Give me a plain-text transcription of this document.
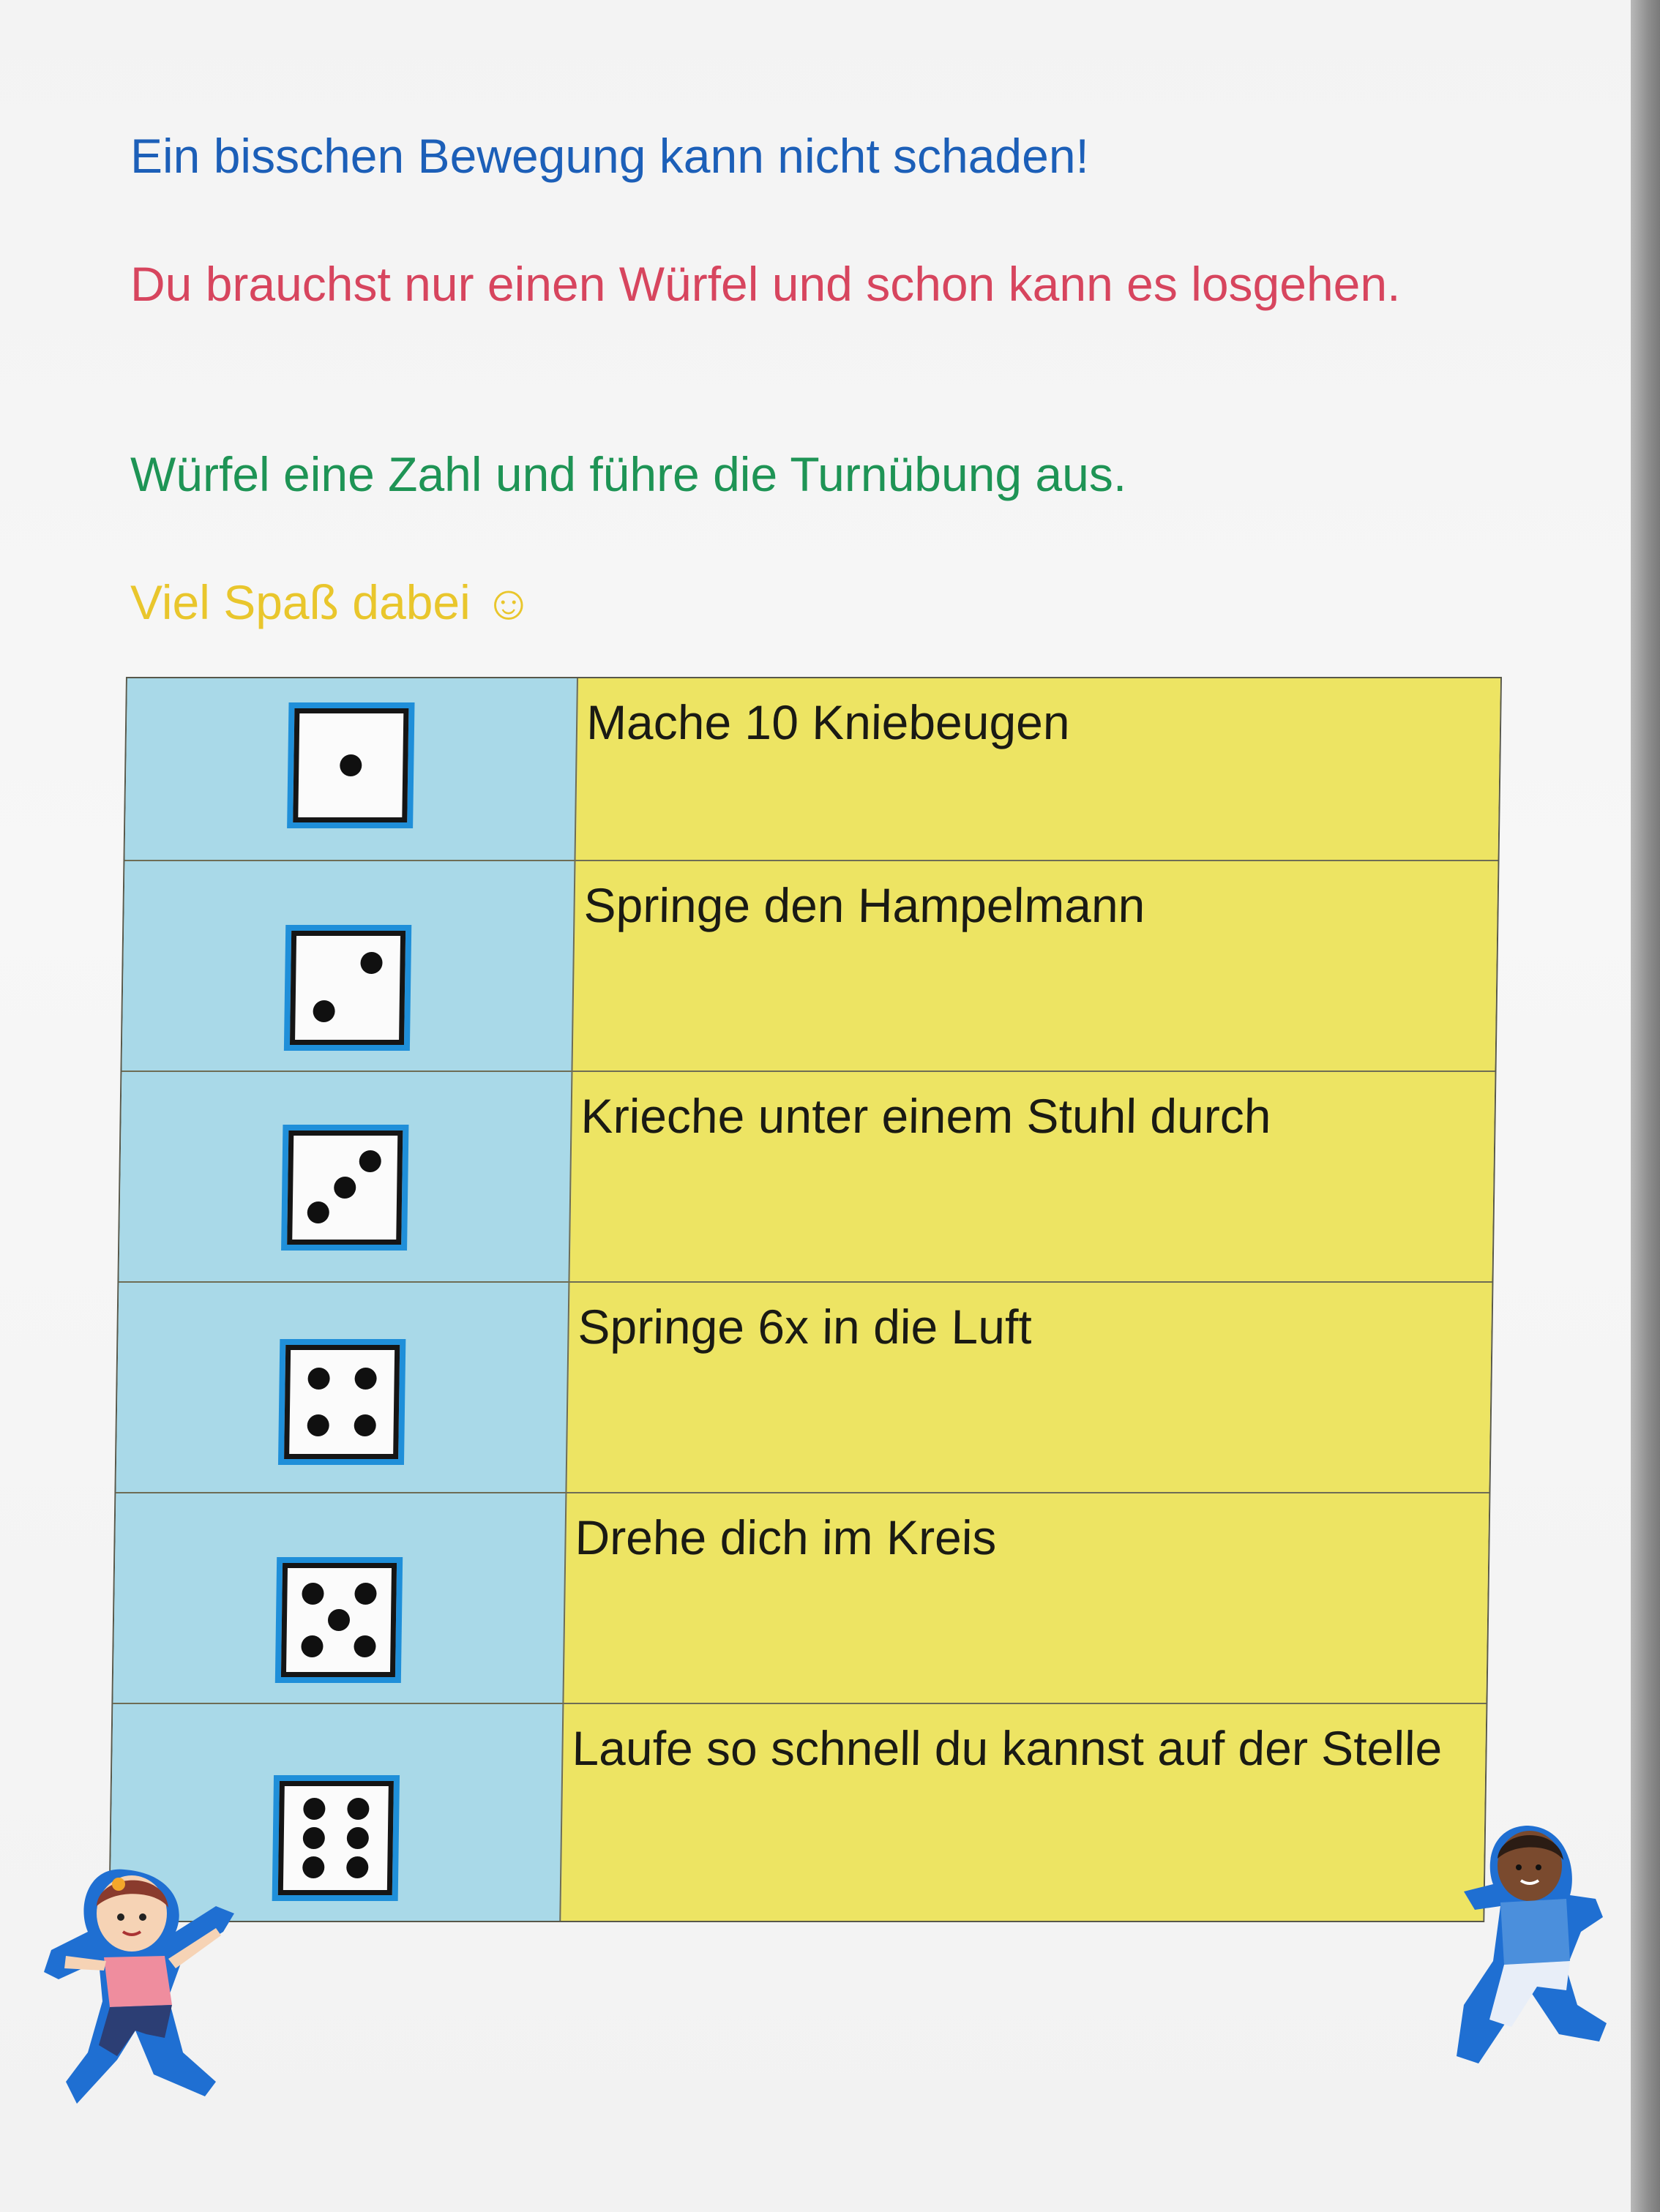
Ein bisschen Bewegung kann nicht schaden!

Du brauchst nur einen Würfel und schon kann es losgehen.

Würfel eine Zahl und führe die Turnübung aus.

Viel Spaß dabei ☺

Mache 10 Kniebeugen
Springe den Hampelmann
Krieche unter einem Stuhl durch
Springe 6x in die Luft
Drehe dich im Kreis
Laufe so schnell du kannst auf der Stelle
